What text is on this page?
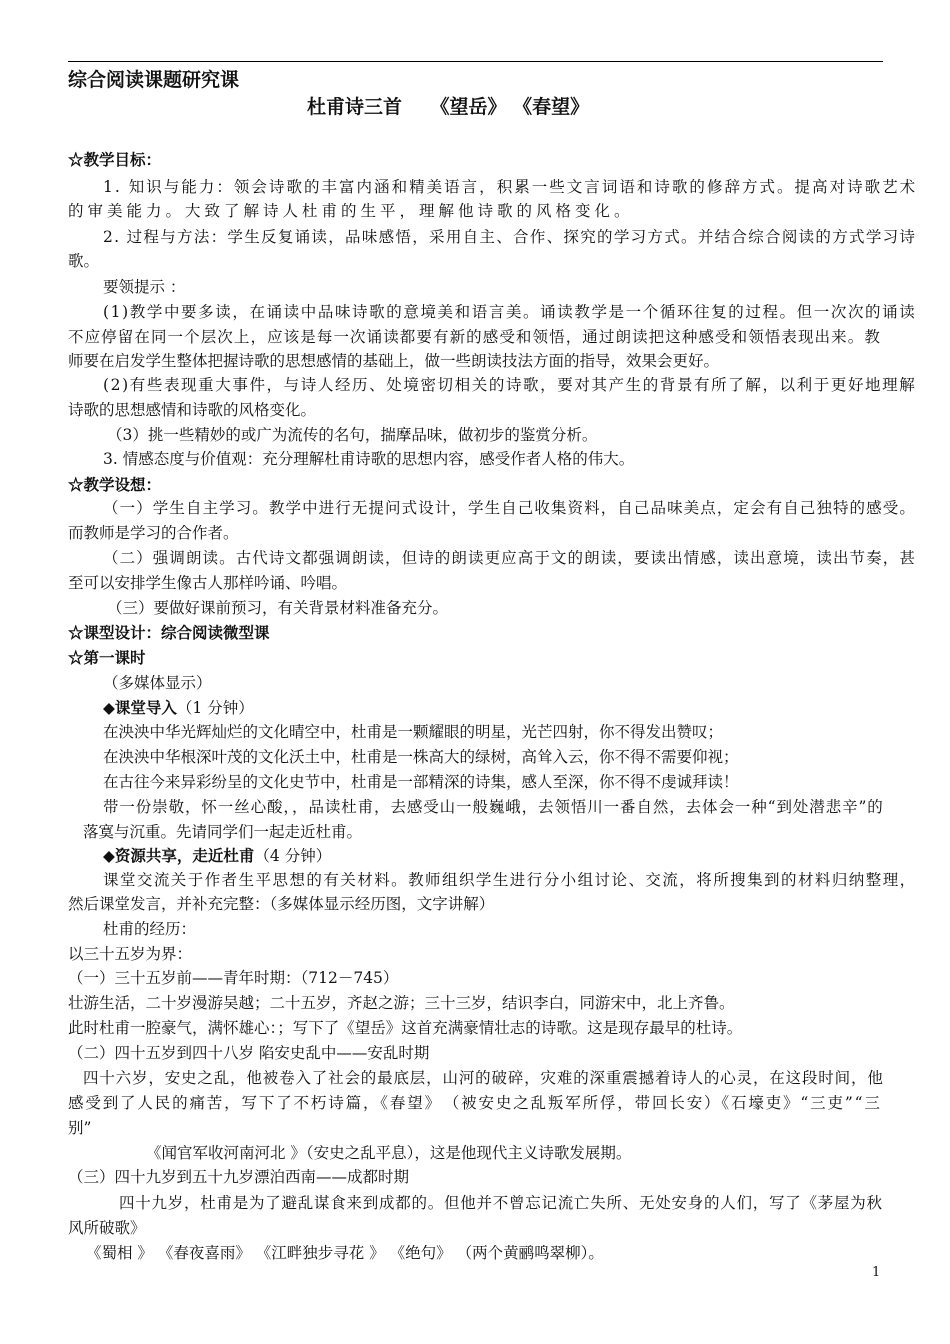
综合阅读课题研究课
杜甫诗三首　　《望岳》 《春望》
☆教学目标：
1. 知识与能力：领会诗歌的丰富内涵和精美语言，积累一些文言词语和诗歌的修辞方式。提高对诗歌艺术
的审美能力。大致了解诗人杜甫的生平，理解他诗歌的风格变化。
2. 过程与方法：学生反复诵读，品味感悟，采用自主、合作、探究的学习方式。并结合综合阅读的方式学习诗
歌。
要领提示 ：
(1)教学中要多读，在诵读中品味诗歌的意境美和语言美。诵读教学是一个循环往复的过程。但一次次的诵读
不应停留在同一个层次上，应该是每一次诵读都要有新的感受和领悟，通过朗读把这种感受和领悟表现出来。教
师要在启发学生整体把握诗歌的思想感情的基础上，做一些朗读技法方面的指导，效果会更好。
(2)有些表现重大事件，与诗人经历、处境密切相关的诗歌，要对其产生的背景有所了解，以利于更好地理解
诗歌的思想感情和诗歌的风格变化。
（3）挑一些精妙的或广为流传的名句，揣摩品味，做初步的鉴赏分析。
3. 情感态度与价值观：充分理解杜甫诗歌的思想内容，感受作者人格的伟大。
☆教学设想：
（一）学生自主学习。教学中进行无提问式设计，学生自己收集资料，自己品味美点，定会有自己独特的感受。
而教师是学习的合作者。
（二）强调朗读。古代诗文都强调朗读，但诗的朗读更应高于文的朗读，要读出情感，读出意境，读出节奏，甚
至可以安排学生像古人那样吟诵、吟唱。
（三）要做好课前预习，有关背景材料准备充分。
☆课型设计：综合阅读微型课
☆第一课时
（多媒体显示）
◆课堂导入（1 分钟）
在泱泱中华光辉灿烂的文化晴空中，杜甫是一颗耀眼的明星，光芒四射，你不得发出赞叹；
在泱泱中华根深叶茂的文化沃土中，杜甫是一株高大的绿树，高耸入云，你不得不需要仰视；
在古往今来异彩纷呈的文化史节中，杜甫是一部精深的诗集，感人至深，你不得不虔诚拜读！
带一份崇敬，怀一丝心酸，，品读杜甫，去感受山一般巍峨，去领悟川一番自然，去体会一种“到处潜悲辛”的
落寞与沉重。先请同学们一起走近杜甫。
◆资源共享，走近杜甫（4 分钟）
课堂交流关于作者生平思想的有关材料。教师组织学生进行分小组讨论、交流，将所搜集到的材料归纳整理，
然后课堂发言，并补充完整：（多媒体显示经历图，文字讲解）
杜甫的经历：
以三十五岁为界：
（一）三十五岁前——青年时期：（712－745）
壮游生活，二十岁漫游吴越；二十五岁，齐赵之游；三十三岁，结识李白，同游宋中，北上齐鲁。
此时杜甫一腔豪气，满怀雄心：；写下了《望岳》这首充满豪情壮志的诗歌。这是现存最早的杜诗。
（二）四十五岁到四十八岁 陷安史乱中——安乱时期
四十六岁，安史之乱，他被卷入了社会的最底层，山河的破碎，灾难的深重震撼着诗人的心灵，在这段时间，他
感受到了人民的痛苦，写下了不朽诗篇，《春望》　（被安史之乱叛军所俘，带回长安）《石壕吏》“三吏”“三
别”
《闻官军收河南河北 》（安史之乱平息），这是他现代主义诗歌发展期。
（三）四十九岁到五十九岁漂泊西南——成都时期
四十九岁，杜甫是为了避乱谋食来到成都的。但他并不曾忘记流亡失所、无处安身的人们，写了《茅屋为秋
风所破歌》
《蜀相 》 《春夜喜雨》 《江畔独步寻花 》 《绝句》 （两个黄鹂鸣翠柳）。
1
